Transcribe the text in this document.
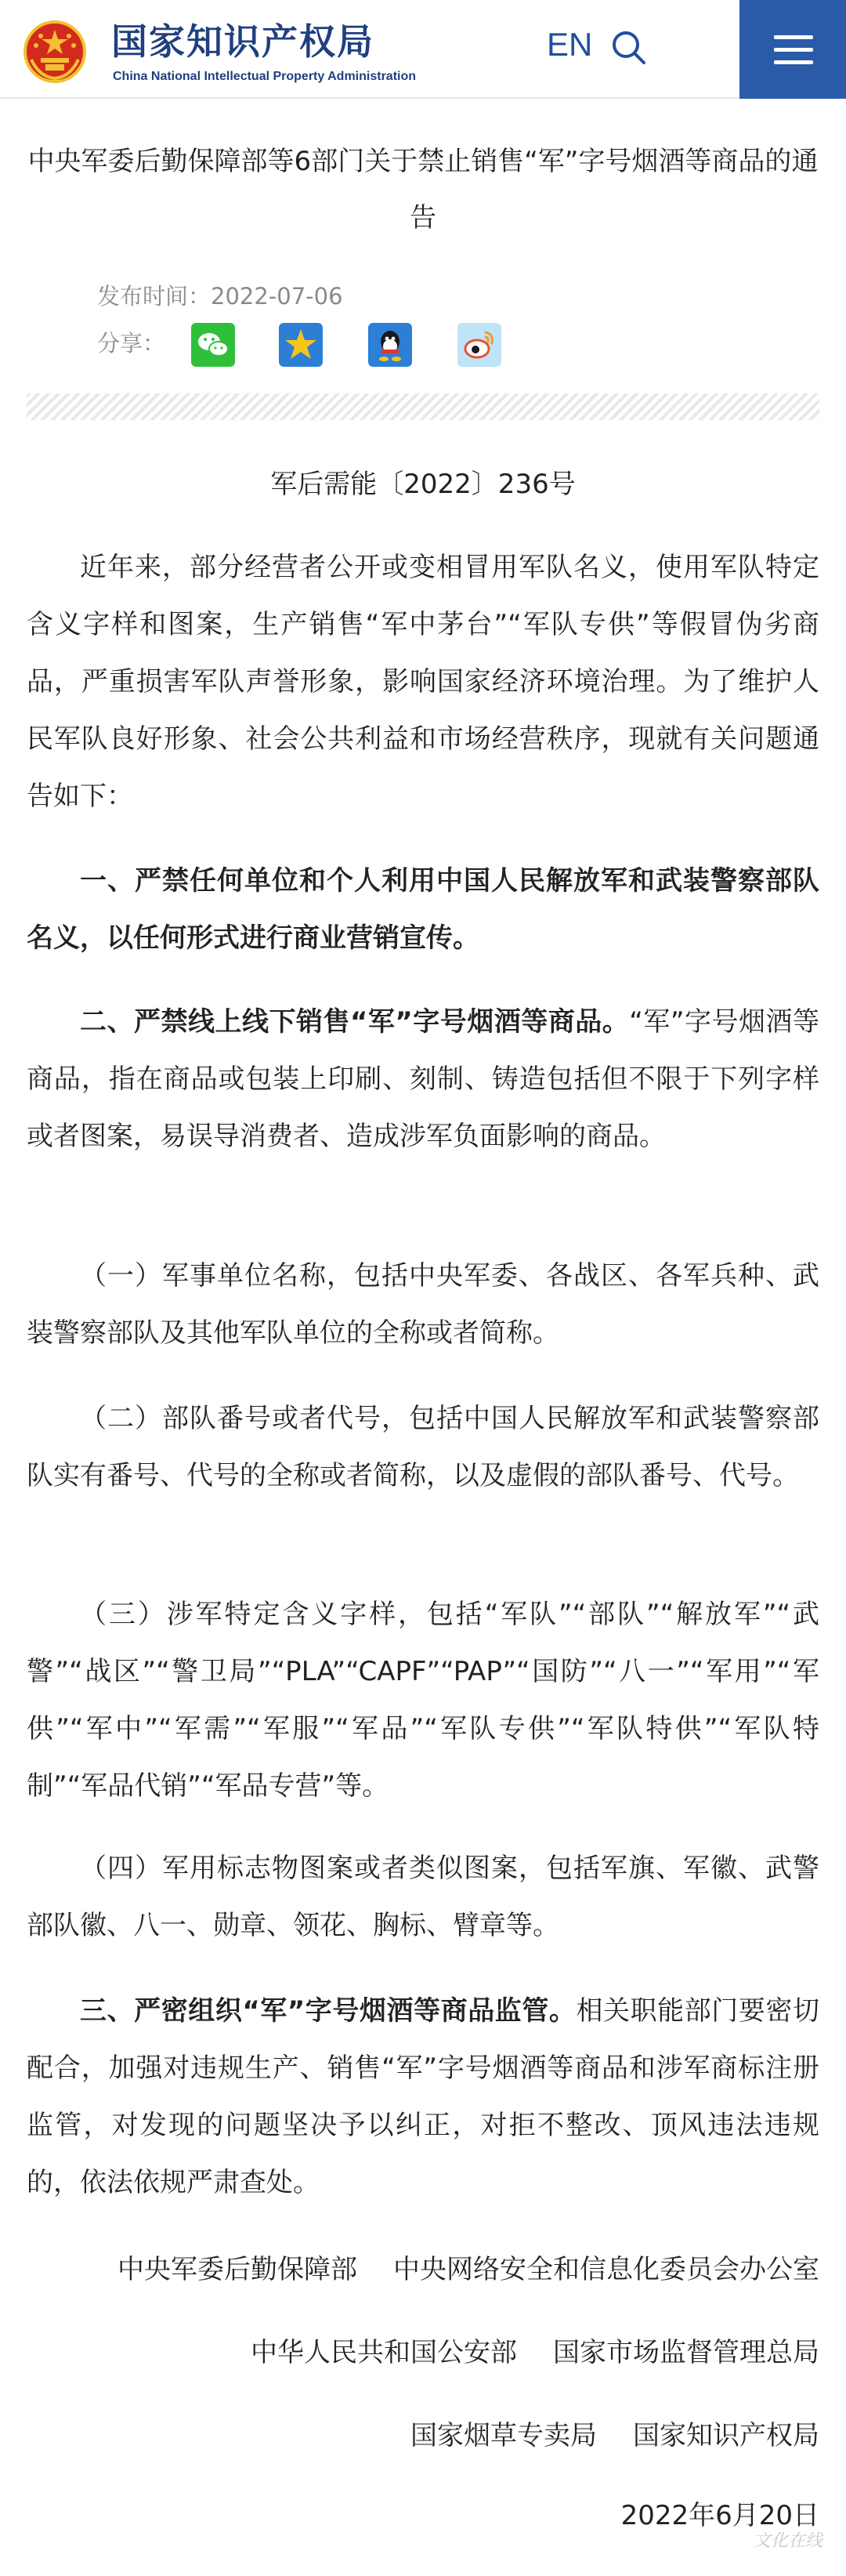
国家知识产权局
China National Intellectual Property Administration
EN
中央军委后勤保障部等6部门关于禁止销售“军”字号烟酒等商品的通告
发布时间：2022-07-06
分享：
军后需能〔2022〕236号

近年来，部分经营者公开或变相冒用军队名义，使用军队特定含义字样和图案，生产销售“军中茅台”“军队专供”等假冒伪劣商品，严重损害军队声誉形象，影响国家经济环境治理。为了维护人民军队良好形象、社会公共利益和市场经营秩序，现就有关问题通告如下：

一、严禁任何单位和个人利用中国人民解放军和武装警察部队名义，以任何形式进行商业营销宣传。

二、严禁线上线下销售“军”字号烟酒等商品。“军”字号烟酒等商品，指在商品或包装上印刷、刻制、铸造包括但不限于下列字样或者图案，易误导消费者、造成涉军负面影响的商品。

（一）军事单位名称，包括中央军委、各战区、各军兵种、武装警察部队及其他军队单位的全称或者简称。

（二）部队番号或者代号，包括中国人民解放军和武装警察部队实有番号、代号的全称或者简称，以及虚假的部队番号、代号。

（三）涉军特定含义字样，包括“军队”“部队”“解放军”“武警”“战区”“警卫局”“PLA”“CAPF”“PAP”“国防”“八一”“军用”“军供”“军中”“军需”“军服”“军品”“军队专供”“军队特供”“军队特制”“军品代销”“军品专营”等。

（四）军用标志物图案或者类似图案，包括军旗、军徽、武警部队徽、八一、勋章、领花、胸标、臂章等。

三、严密组织“军”字号烟酒等商品监管。相关职能部门要密切配合，加强对违规生产、销售“军”字号烟酒等商品和涉军商标注册监管，对发现的问题坚决予以纠正，对拒不整改、顶风违法违规的，依法依规严肃查处。

中央军委后勤保障部 中央网络安全和信息化委员会办公室
中华人民共和国公安部 国家市场监督管理总局
国家烟草专卖局 国家知识产权局
2022年6月20日
文化在线
